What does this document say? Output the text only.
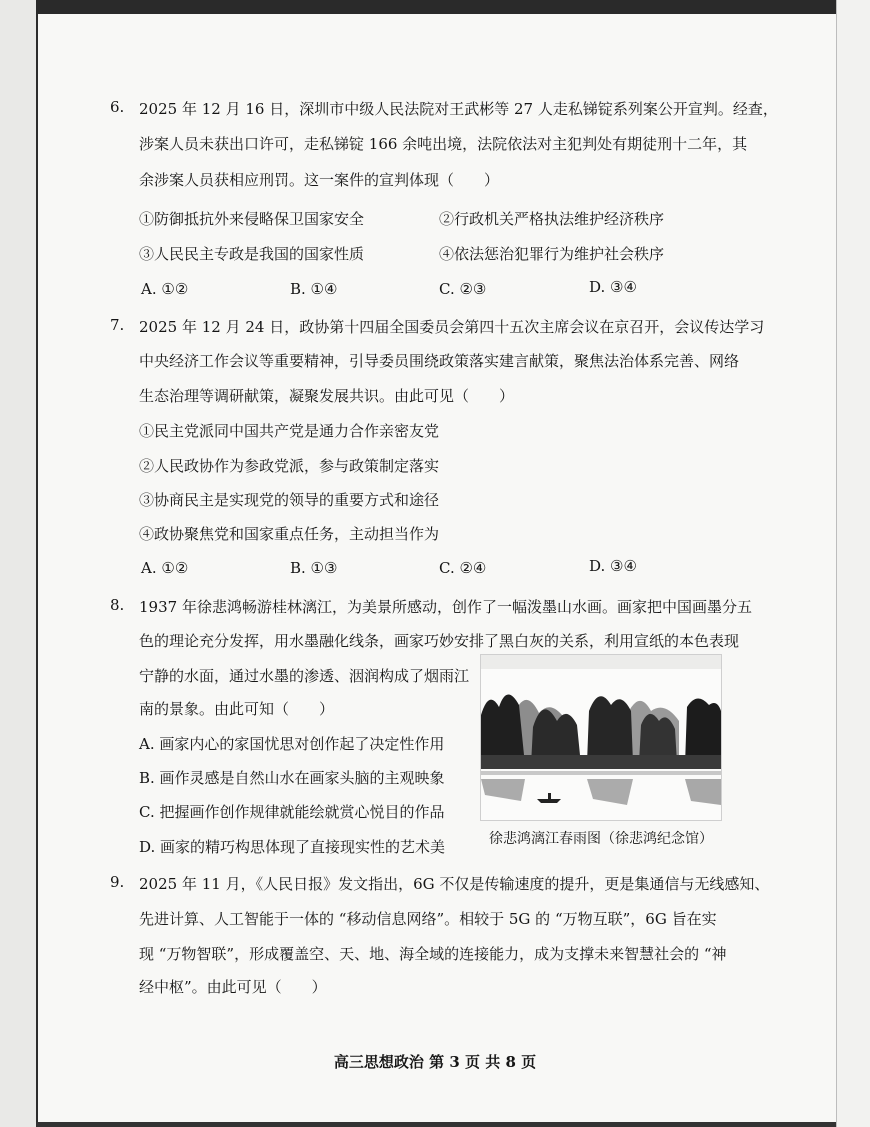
6. 2025 年 12 月 16 日，深圳市中级人民法院对王武彬等 27 人走私锑锭系列案公开宣判。经查，
涉案人员未获出口许可，走私锑锭 166 余吨出境，法院依法对主犯判处有期徒刑十二年，其
余涉案人员获相应刑罚。这一案件的宣判体现（　　）
①防御抵抗外来侵略保卫国家安全	②行政机关严格执法维护经济秩序
③人民民主专政是我国的国家性质	④依法惩治犯罪行为维护社会秩序
A. ①②	B. ①④	C. ②③	D. ③④
7. 2025 年 12 月 24 日，政协第十四届全国委员会第四十五次主席会议在京召开，会议传达学习
中央经济工作会议等重要精神，引导委员围绕政策落实建言献策，聚焦法治体系完善、网络
生态治理等调研献策，凝聚发展共识。由此可见（　　）
①民主党派同中国共产党是通力合作亲密友党
②人民政协作为参政党派，参与政策制定落实
③协商民主是实现党的领导的重要方式和途径
④政协聚焦党和国家重点任务，主动担当作为
A. ①②	B. ①③	C. ②④	D. ③④
8. 1937 年徐悲鸿畅游桂林漓江，为美景所感动，创作了一幅泼墨山水画。画家把中国画墨分五
色的理论充分发挥，用水墨融化线条，画家巧妙安排了黑白灰的关系，利用宣纸的本色表现
宁静的水面，通过水墨的渗透、洇润构成了烟雨江
南的景象。由此可知（　　）
A. 画家内心的家国忧思对创作起了决定性作用
B. 画作灵感是自然山水在画家头脑的主观映象
C. 把握画作创作规律就能绘就赏心悦目的作品
D. 画家的精巧构思体现了直接现实性的艺术美	徐悲鸿漓江春雨图（徐悲鸿纪念馆）
9. 2025 年 11 月，《人民日报》发文指出，6G 不仅是传输速度的提升，更是集通信与无线感知、
先进计算、人工智能于一体的 “移动信息网络”。相较于 5G 的 “万物互联”，6G 旨在实
现 “万物智联”，形成覆盖空、天、地、海全域的连接能力，成为支撑未来智慧社会的 “神
经中枢”。由此可见（　　）
高三思想政治 第 3 页 共 8 页
